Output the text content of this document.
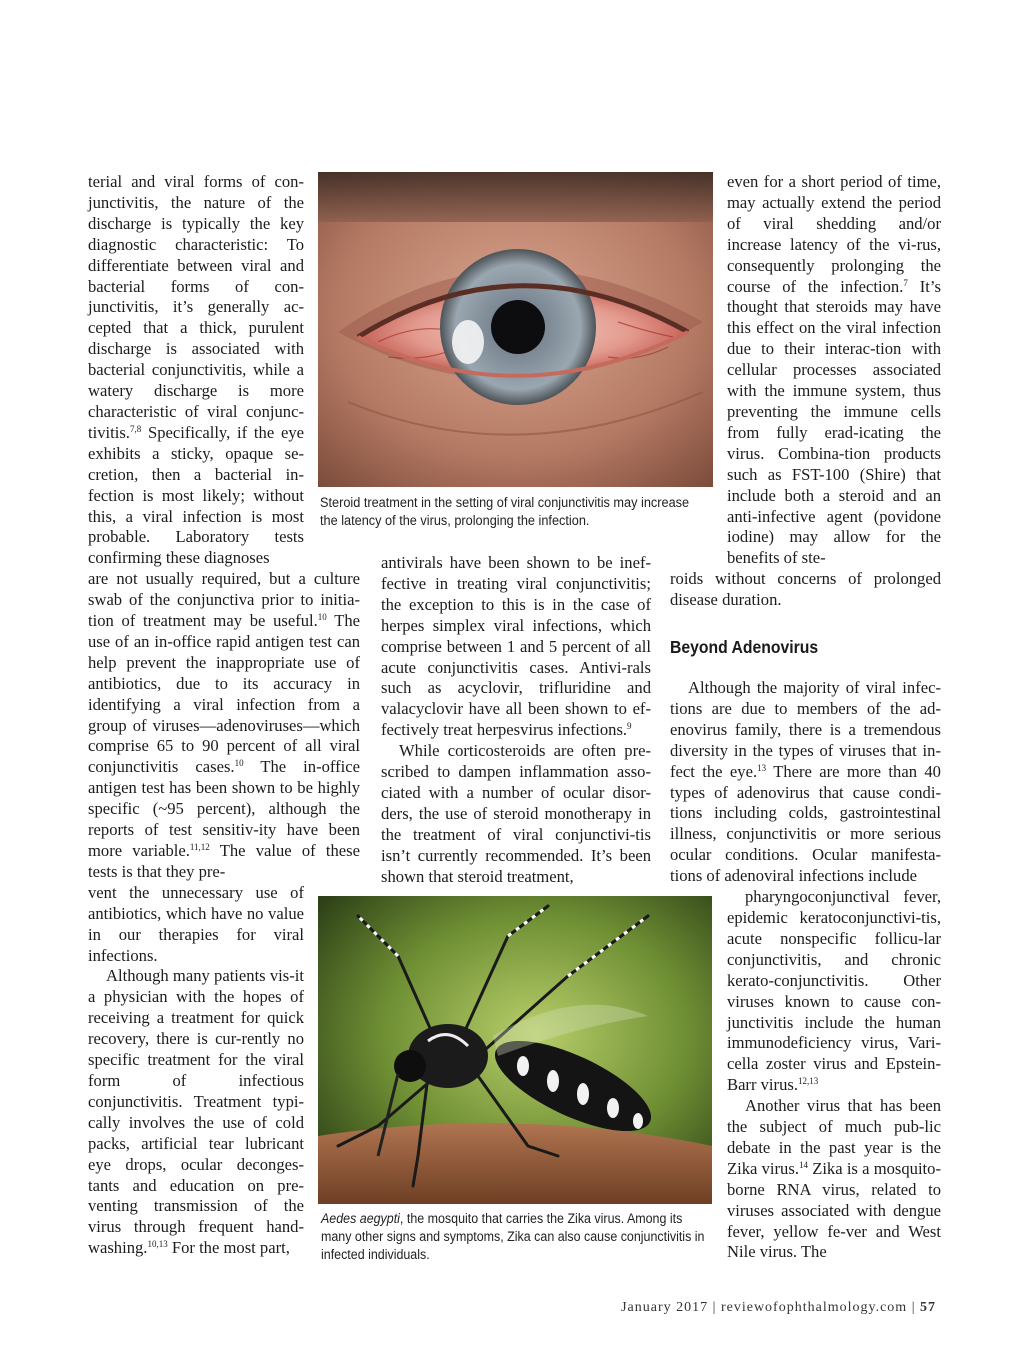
terial and viral forms of con-junctivitis, the nature of the discharge is typically the key diagnostic characteristic: To differentiate between viral and bacterial forms of con-junctivitis, it’s generally ac-cepted that a thick, purulent discharge is associated with bacterial conjunctivitis, while a watery discharge is more characteristic of viral conjunc-tivitis.$^{7,8}$ Specifically, if the eye exhibits a sticky, opaque se-cretion, then a bacterial in-fection is most likely; without this, a viral infection is most probable. Laboratory tests confirming these diagnoses
are not usually required, but a culture swab of the conjunctiva prior to initia-tion of treatment may be useful.$^{10}$ The use of an in-office rapid antigen test can help prevent the inappropriate use of antibiotics, due to its accuracy in identifying a viral infection from a group of viruses—adenoviruses—which comprise 65 to 90 percent of all viral conjunctivitis cases.$^{10}$ The in-office antigen test has been shown to be highly specific (~95 percent), although the reports of test sensitiv-ity have been more variable.$^{11,12}$ The value of these tests is that they pre-
vent the unnecessary use of antibiotics, which have no value in our therapies for viral infections.

Although many patients vis-it a physician with the hopes of receiving a treatment for quick recovery, there is cur-rently no specific treatment for the viral form of infectious conjunctivitis. Treatment typi-cally involves the use of cold packs, artificial tear lubricant eye drops, ocular deconges-tants and education on pre-venting transmission of the virus through frequent hand-washing.$^{10,13}$ For the most part,

Steroid treatment in the setting of viral conjunctivitis may increase the latency of the virus, prolonging the infection.

antivirals have been shown to be inef-fective in treating viral conjunctivitis; the exception to this is in the case of herpes simplex viral infections, which comprise between 1 and 5 percent of all acute conjunctivitis cases. Antivi-rals such as acyclovir, trifluridine and valacyclovir have all been shown to ef-fectively treat herpesvirus infections.$^9$

While corticosteroids are often pre-scribed to dampen inflammation asso-ciated with a number of ocular disor-ders, the use of steroid monotherapy in the treatment of viral conjunctivi-tis isn’t currently recommended. It’s been shown that steroid treatment,

even for a short period of time, may actually extend the period of viral shedding and/or increase latency of the vi-rus, consequently prolonging the course of the infection.$^7$ It’s thought that steroids may have this effect on the viral infection due to their interac-tion with cellular processes associated with the immune system, thus preventing the immune cells from fully erad-icating the virus. Combina-tion products such as FST-100 (Shire) that include both a steroid and an anti-infective agent (povidone iodine) may allow for the benefits of ste-
roids without concerns of prolonged disease duration.

Beyond Adenovirus

Although the majority of viral infec-tions are due to members of the ad-enovirus family, there is a tremendous diversity in the types of viruses that in-fect the eye.$^{13}$ There are more than 40 types of adenovirus that cause condi-tions including colds, gastrointestinal illness, conjunctivitis or more serious ocular conditions. Ocular manifesta-tions of adenoviral infections include
pharyngoconjunctival fever, epidemic keratoconjunctivi-tis, acute nonspecific follicu-lar conjunctivitis, and chronic kerato-conjunctivitis. Other viruses known to cause con-junctivitis include the human immunodeficiency virus, Vari-cella zoster virus and Epstein-Barr virus.$^{12,13}$

Another virus that has been the subject of much pub-lic debate in the past year is the Zika virus.$^{14}$ Zika is a mosquito-borne RNA virus, related to viruses associated with dengue fever, yellow fe-ver and West Nile virus. The

Aedes aegypti, the mosquito that carries the Zika virus. Among its many other signs and symptoms, Zika can also cause conjunctivitis in infected individuals.
January 2017 | reviewofophthalmology.com | 57
